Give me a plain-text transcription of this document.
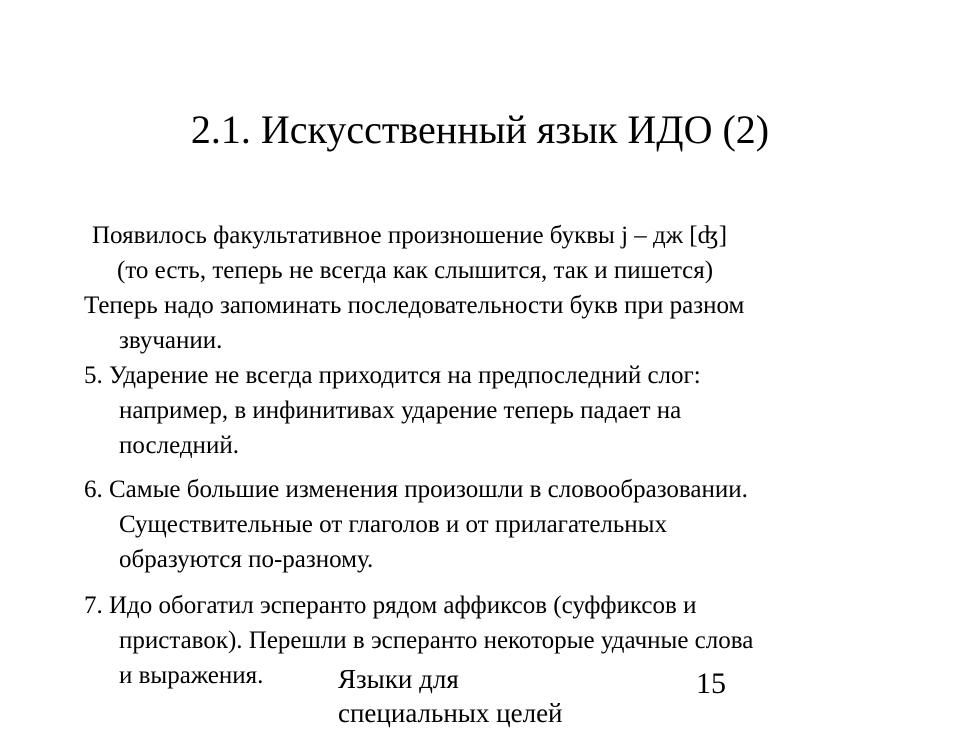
2.1. Искусственный язык ИДО (2)

Появилось факультативное произношение буквы j – дж [ʤ]
(то есть, теперь не всегда как слышится, так и пишется)

Теперь надо запоминать последовательности букв при разном
звучании.

5. Ударение не всегда приходится на предпоследний слог:
например, в инфинитивах ударение теперь падает на
последний.

6. Самые большие изменения произошли в словообразовании.
Существительные от глаголов и от прилагательных
образуются по-разному.

7. Идо обогатил эсперанто рядом аффиксов (суффиксов и
приставок). Перешли в эсперанто некоторые удачные слова
и выражения.	Языки для
специальных целей
15
